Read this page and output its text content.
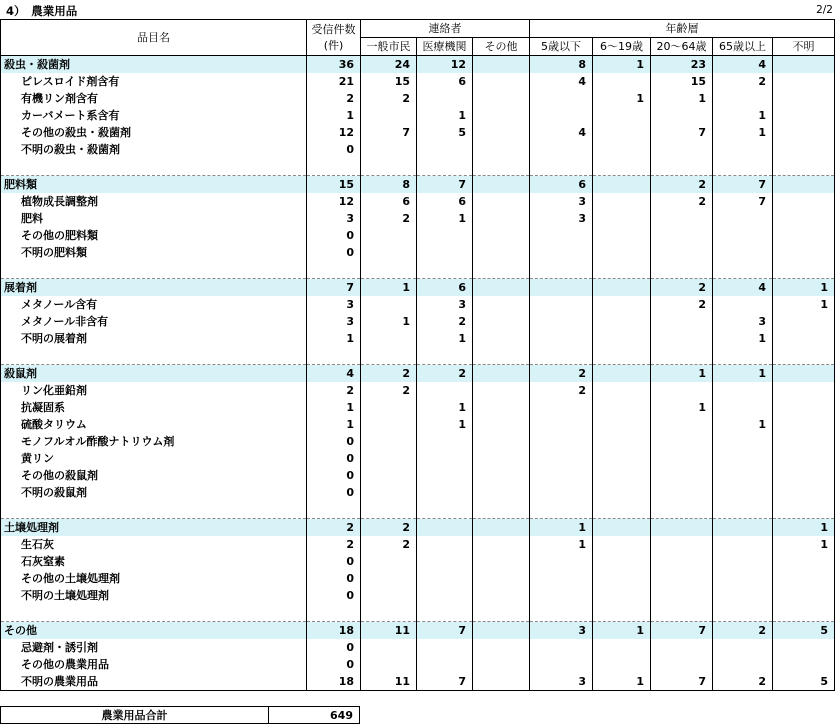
4）　農業用品	2/2
品目名	受信件数
(件)	連絡者			年齢層				
		一般市民	医療機関	その他	5歳以下	6～19歳	20～64歳	65歳以上	不明
殺虫・殺菌剤	36	24	12		8	1	23	4	
ピレスロイド剤含有	21	15	6		4		15	2	
有機リン剤含有	2	2				1	1		
カーバメート系含有	1		1					1	
その他の殺虫・殺菌剤	12	7	5		4		7	1	
不明の殺虫・殺菌剤	0								

肥料類	15	8	7		6		2	7	
植物成長調整剤	12	6	6		3		2	7	
肥料	3	2	1		3				
その他の肥料類	0								
不明の肥料類	0								

展着剤	7	1	6				2	4	1
メタノール含有	3		3				2		1
メタノール非含有	3	1	2					3	
不明の展着剤	1		1					1	

殺鼠剤	4	2	2		2		1	1	
リン化亜鉛剤	2	2			2				
抗凝固系	1		1				1		
硫酸タリウム	1		1					1	
モノフルオル酢酸ナトリウム剤	0								
黄リン	0								
その他の殺鼠剤	0								
不明の殺鼠剤	0								

土壌処理剤	2	2			1				1
生石灰	2	2			1				1
石灰窒素	0								
その他の土壌処理剤	0								
不明の土壌処理剤	0								

その他	18	11	7		3	1	7	2	5
忌避剤・誘引剤	0								
その他の農業用品	0								
不明の農業用品	18	11	7		3	1	7	2	5
農業用品合計	649
